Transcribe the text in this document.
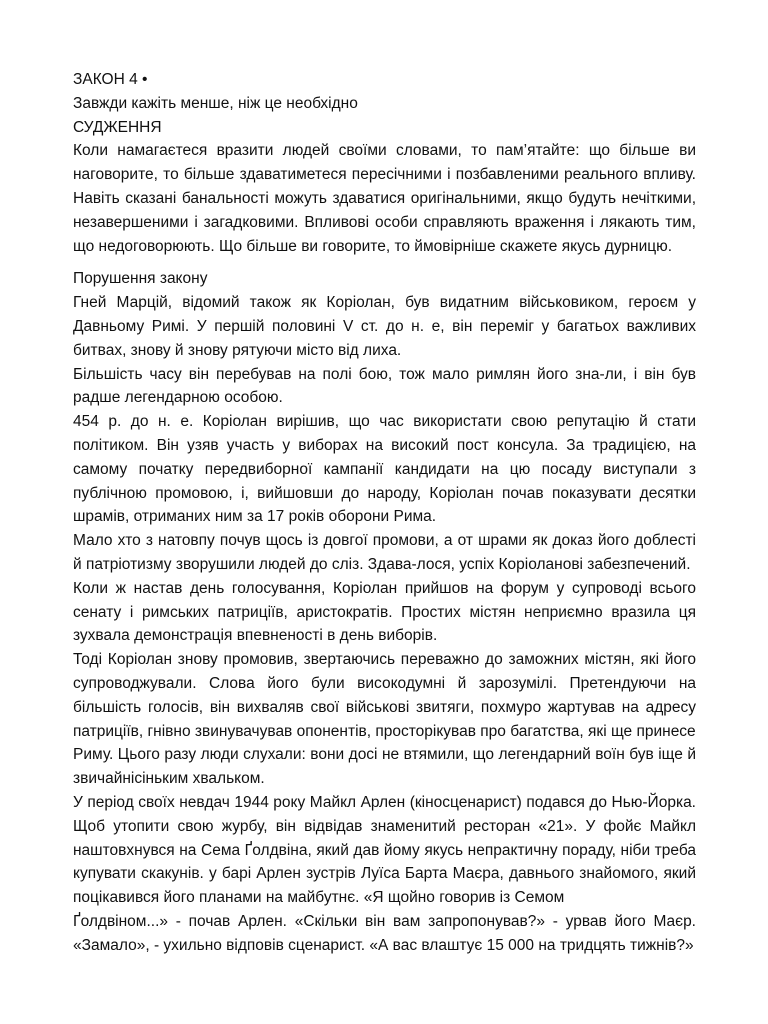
ЗАКОН 4 •

Завжди кажіть менше, ніж це необхідно

СУДЖЕННЯ

Коли намагаєтеся вразити людей своїми словами, то пам’ятайте: що більше ви наговорите, то більше здаватиметеся пересічними і позбавленими реального впливу. Навіть сказані банальності можуть здаватися оригінальними, якщо будуть нечіткими, незавершеними і загадковими. Впливові особи справляють враження і лякають тим, що недоговорюють. Що більше ви говорите, то ймовірніше скажете якусь дурницю.

Порушення закону

Гней Марцій, відомий також як Коріолан, був видатним військовиком, героєм у Давньому Римі. У першій половині V ст. до н. е, він переміг у багатьох важливих битвах, знову й знову рятуючи місто від лиха.

Більшість часу він перебував на полі бою, тож мало римлян його зна-ли, і він був радше легендарною особою.

454 р. до н. е. Коріолан вирішив, що час використати свою репутацію й стати політиком. Він узяв участь у виборах на високий пост консула. За традицією, на самому початку передвиборної кампанії кандидати на цю посаду виступали з публічною промовою, і, вийшовши до народу, Коріолан почав показувати десятки шрамів, отриманих ним за 17 років оборони Рима.

Мало хто з натовпу почув щось із довгої промови, а от шрами як доказ його доблесті й патріотизму зворушили людей до сліз. Здава-лося, успіх Коріоланові забезпечений.

Коли ж настав день голосування, Коріолан прийшов на форум у супроводі всього сенату і римських патриціїв, аристократів. Простих містян неприємно вразила ця зухвала демонстрація впевненості в день виборів.

Тоді Коріолан знову промовив, звертаючись переважно до заможних містян, які його супроводжували. Слова його були високодумні й зарозумілі. Претендуючи на більшість голосів, він вихваляв свої військові звитяги, похмуро жартував на адресу патриціїв, гнівно звинувачував опонентів, просторікував про багатства, які ще принесе

Риму. Цього разу люди слухали: вони досі не втямили, що легендарний воїн був іще й звичайнісіньким хвальком.

У період своїх невдач 1944 року Майкл Арлен (кіносценарист) подався до Нью-Йорка. Щоб утопити свою журбу, він відвідав знаменитий ресторан «21». У фойє Майкл наштовхнувся на Сема Ґолдвіна, який дав йому якусь непрактичну пораду, ніби треба купувати скакунів. у барі Арлен зустрів Луїса Барта Маєра, давнього знайомого, який поцікавився його планами на майбутнє. «Я щойно говорив із Семом

Ґолдвіном...» - почав Арлен. «Скільки він вам запропонував?» - урвав його Маєр. «Замало», - ухильно відповів сценарист. «А вас влаштує 15 000 на тридцять тижнів?»
